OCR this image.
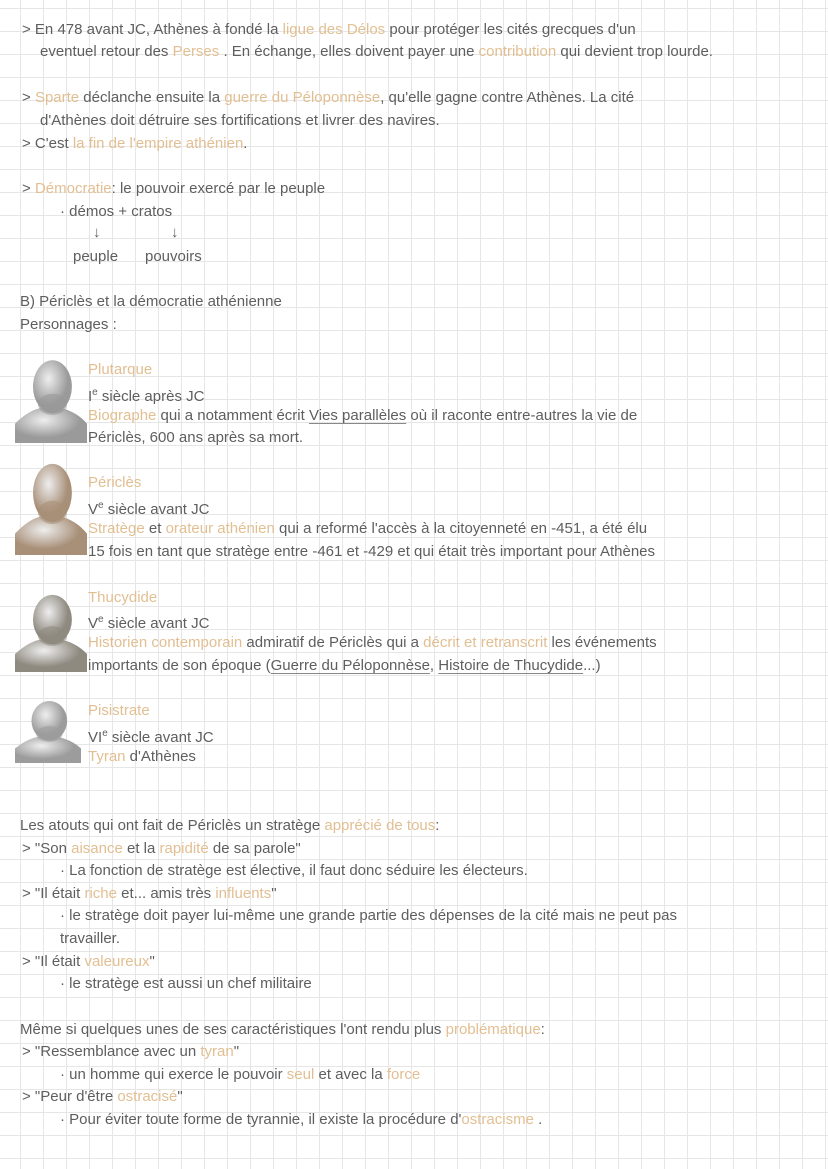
> En 478 avant JC, Athènes à fondé la ligue des Délos pour protéger les cités grecques d'un
eventuel retour des Perses . En échange, elles doivent payer une contribution qui devient trop lourde.
> Sparte déclanche ensuite la guerre du Péloponnèse, qu'elle gagne contre Athènes. La cité
d'Athènes doit détruire ses fortifications et livrer des navires.
> C'est la fin de l'empire athénien.
> Démocratie: le pouvoir exercé par le peuple
· démos + cratos
↓	↓
peuple pouvoirs
B) Périclès et la démocratie athénienne
Personnages :
Plutarque
Ie siècle après JC
Biographe qui a notamment écrit Vies parallèles où il raconte entre-autres la vie de
Périclès, 600 ans après sa mort.
Périclès
Ve siècle avant JC
Stratège et orateur athénien qui a reformé l'accès à la citoyenneté en -451, a été élu
15 fois en tant que stratège entre -461 et -429 et qui était très important pour Athènes
Thucydide
Ve siècle avant JC
Historien contemporain admiratif de Périclès qui a décrit et retranscrit les événements
importants de son époque (Guerre du Péloponnèse, Histoire de Thucydide...)
Pisistrate
VIe siècle avant JC
Tyran d'Athènes
Les atouts qui ont fait de Périclès un stratège apprécié de tous:
> "Son aisance et la rapidité de sa parole"
· La fonction de stratège est élective, il faut donc séduire les électeurs.
> "Il était riche et... amis très influents"
· le stratège doit payer lui-même une grande partie des dépenses de la cité mais ne peut pas
travailler.
> "Il était valeureux"
· le stratège est aussi un chef militaire
Même si quelques unes de ses caractéristiques l'ont rendu plus problématique:
> "Ressemblance avec un tyran"
· un homme qui exerce le pouvoir seul et avec la force
> "Peur d'être ostracisé"
· Pour éviter toute forme de tyrannie, il existe la procédure d'ostracisme .
